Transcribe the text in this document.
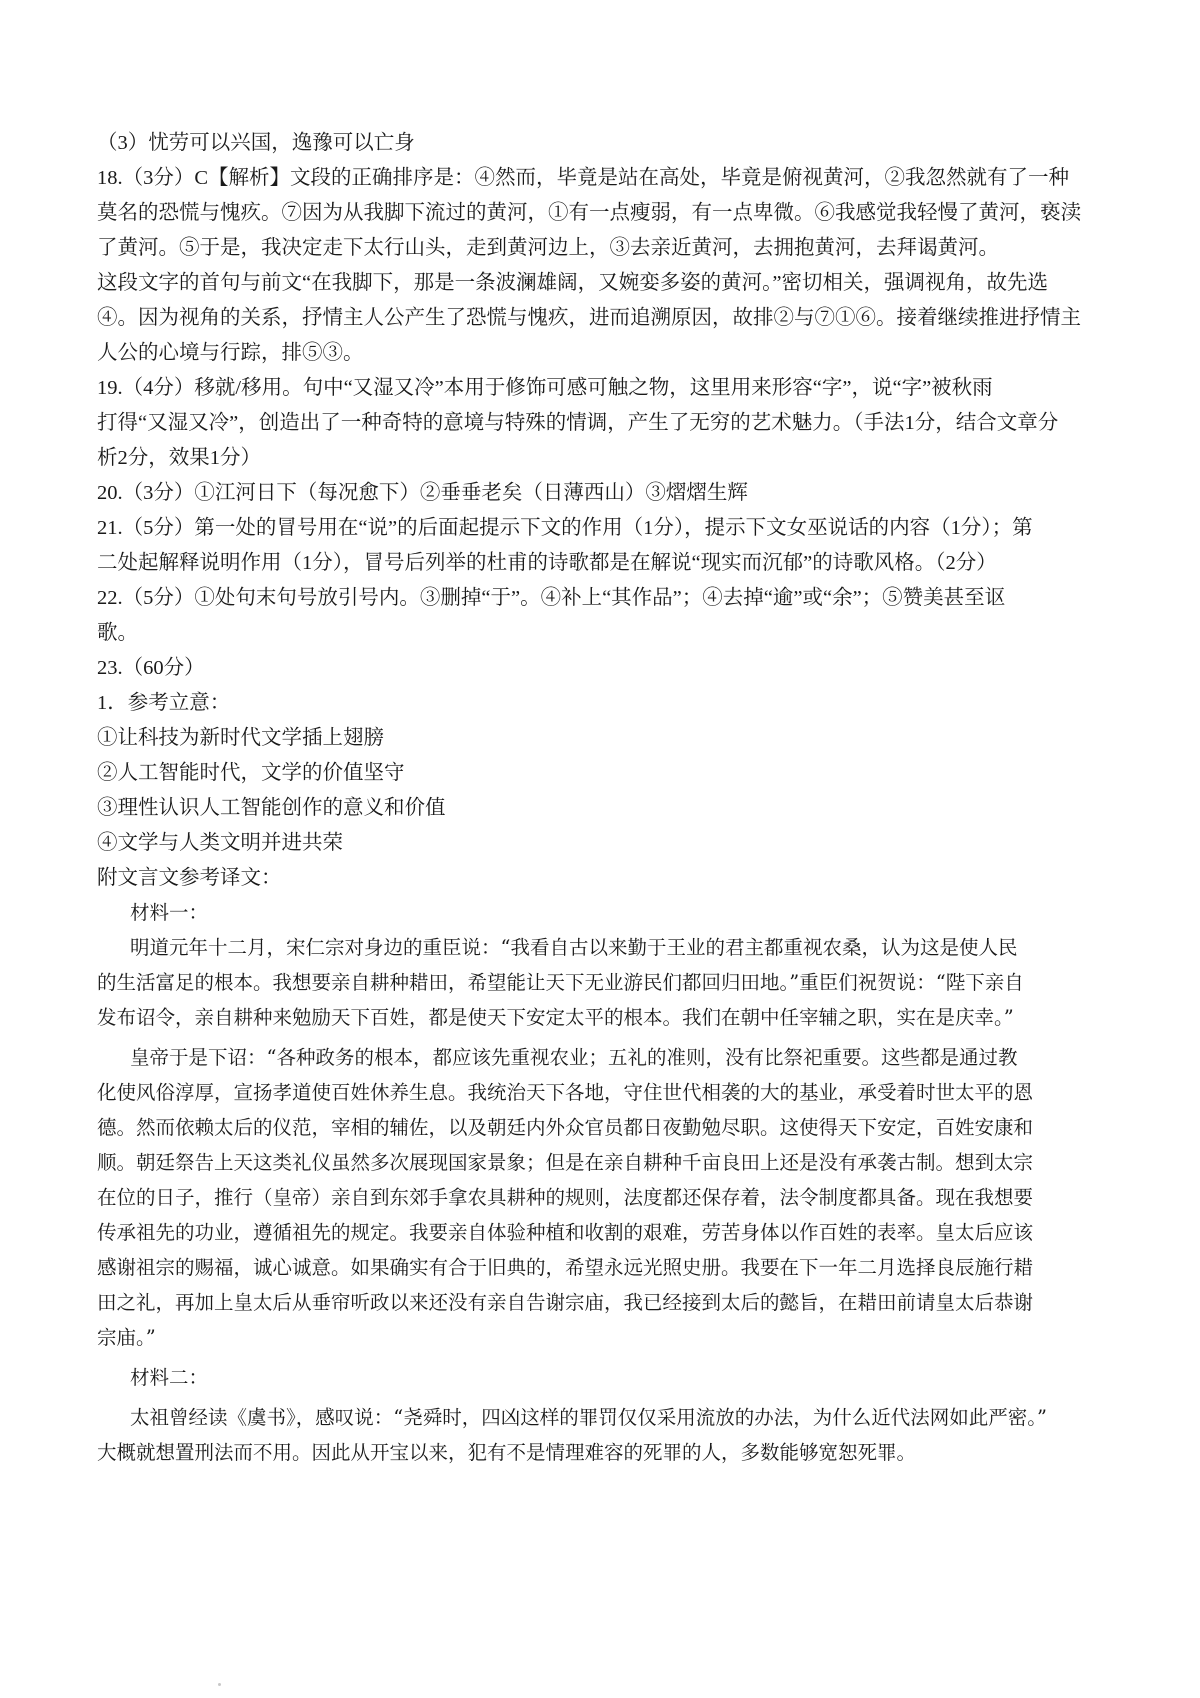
（3）忧劳可以兴国，逸豫可以亡身
18.（3分）C【解析】文段的正确排序是：④然而，毕竟是站在高处，毕竟是俯视黄河，②我忽然就有了一种
莫名的恐慌与愧疚。⑦因为从我脚下流过的黄河，①有一点瘦弱，有一点卑微。⑥我感觉我轻慢了黄河，亵渎
了黄河。⑤于是，我决定走下太行山头，走到黄河边上，③去亲近黄河，去拥抱黄河，去拜谒黄河。
这段文字的首句与前文“在我脚下，那是一条波澜雄阔，又婉娈多姿的黄河。”密切相关，强调视角，故先选
④。因为视角的关系，抒情主人公产生了恐慌与愧疚，进而追溯原因，故排②与⑦①⑥。接着继续推进抒情主
人公的心境与行踪，排⑤③。
19.（4分）移就/移用。句中“又湿又冷”本用于修饰可感可触之物，这里用来形容“字”，说“字”被秋雨
打得“又湿又冷”，创造出了一种奇特的意境与特殊的情调，产生了无穷的艺术魅力。（手法1分，结合文章分
析2分，效果1分）
20.（3分）①江河日下（每况愈下）②垂垂老矣（日薄西山）③熠熠生辉
21.（5分）第一处的冒号用在“说”的后面起提示下文的作用（1分），提示下文女巫说话的内容（1分）；第
二处起解释说明作用（1分），冒号后列举的杜甫的诗歌都是在解说“现实而沉郁”的诗歌风格。（2分）
22.（5分）①处句末句号放引号内。③删掉“于”。④补上“其作品”；④去掉“逾”或“余”；⑤赞美甚至讴
歌。
23.（60分）
1．参考立意：
①让科技为新时代文学插上翅膀
②人工智能时代，文学的价值坚守
③理性认识人工智能创作的意义和价值
④文学与人类文明并进共荣
附文言文参考译文：
材料一：
明道元年十二月，宋仁宗对身边的重臣说：“我看自古以来勤于王业的君主都重视农桑，认为这是使人民
的生活富足的根本。我想要亲自耕种耤田，希望能让天下无业游民们都回归田地。”重臣们祝贺说：“陛下亲自
发布诏令，亲自耕种来勉励天下百姓，都是使天下安定太平的根本。我们在朝中任宰辅之职，实在是庆幸。”
皇帝于是下诏：“各种政务的根本，都应该先重视农业；五礼的准则，没有比祭祀重要。这些都是通过教
化使风俗淳厚，宣扬孝道使百姓休养生息。我统治天下各地，守住世代相袭的大的基业，承受着时世太平的恩
德。然而依赖太后的仪范，宰相的辅佐，以及朝廷内外众官员都日夜勤勉尽职。这使得天下安定，百姓安康和
顺。朝廷祭告上天这类礼仪虽然多次展现国家景象；但是在亲自耕种千亩良田上还是没有承袭古制。想到太宗
在位的日子，推行（皇帝）亲自到东郊手拿农具耕种的规则，法度都还保存着，法令制度都具备。现在我想要
传承祖先的功业，遵循祖先的规定。我要亲自体验种植和收割的艰难，劳苦身体以作百姓的表率。皇太后应该
感谢祖宗的赐福，诚心诚意。如果确实有合于旧典的，希望永远光照史册。我要在下一年二月选择良辰施行耤
田之礼，再加上皇太后从垂帘听政以来还没有亲自告谢宗庙，我已经接到太后的懿旨，在耤田前请皇太后恭谢
宗庙。”
材料二：
太祖曾经读《虞书》，感叹说：“尧舜时，四凶这样的罪罚仅仅采用流放的办法，为什么近代法网如此严密。”
大概就想置刑法而不用。因此从开宝以来，犯有不是情理难容的死罪的人，多数能够宽恕死罪。
